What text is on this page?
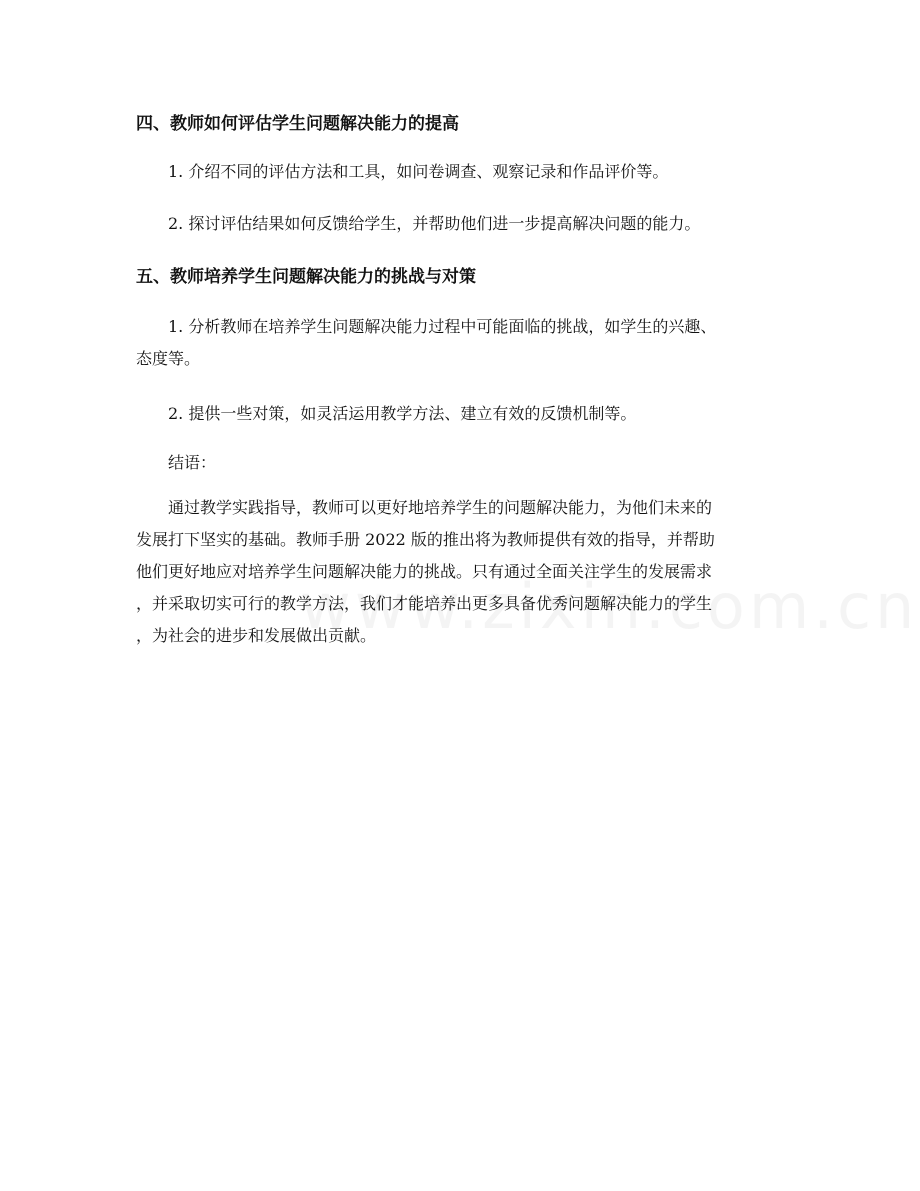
四、教师如何评估学生问题解决能力的提高
1. 介绍不同的评估方法和工具，如问卷调查、观察记录和作品评价等。
2. 探讨评估结果如何反馈给学生，并帮助他们进一步提高解决问题的能力。
五、教师培养学生问题解决能力的挑战与对策
1. 分析教师在培养学生问题解决能力过程中可能面临的挑战，如学生的兴趣、
态度等。
2. 提供一些对策，如灵活运用教学方法、建立有效的反馈机制等。
结语：
通过教学实践指导，教师可以更好地培养学生的问题解决能力，为他们未来的
发展打下坚实的基础。教师手册 2022 版的推出将为教师提供有效的指导，并帮助
他们更好地应对培养学生问题解决能力的挑战。只有通过全面关注学生的发展需求
，并采取切实可行的教学方法，我们才能培养出更多具备优秀问题解决能力的学生
，为社会的进步和发展做出贡献。
